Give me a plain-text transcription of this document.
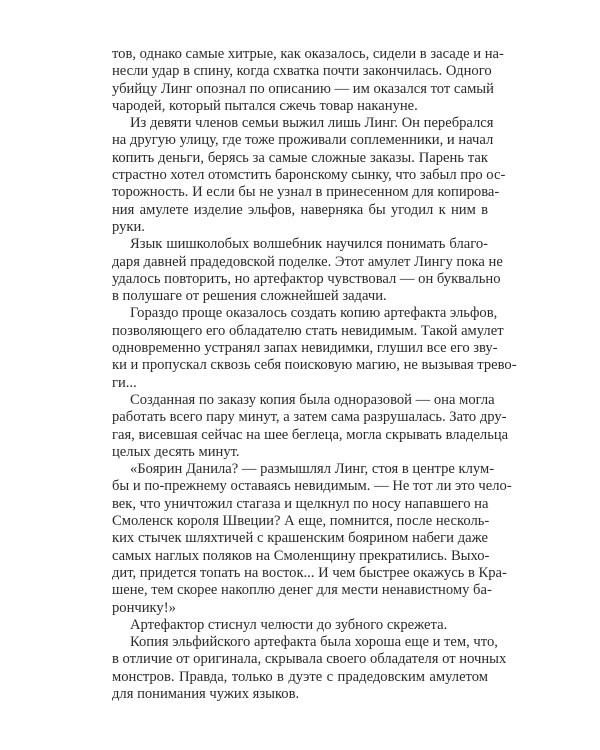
тов, однако самые хитрые, как оказалось, сидели в засаде и на-
несли удар в спину, когда схватка почти закончилась. Одного
убийцу Линг опознал по описанию — им оказался тот самый
чародей, который пытался сжечь товар накануне.
Из девяти членов семьи выжил лишь Линг. Он перебрался
на другую улицу, где тоже проживали соплеменники, и начал
копить деньги, берясь за самые сложные заказы. Парень так
страстно хотел отомстить баронскому сынку, что забыл про ос-
торожность. И если бы не узнал в принесенном для копирова-
ния амулете изделие эльфов, наверняка бы угодил к ним в
руки.
Язык шишколобых волшебник научился понимать благо-
даря давней прадедовской поделке. Этот амулет Лингу пока не
удалось повторить, но артефактор чувствовал — он буквально
в полушаге от решения сложнейшей задачи.
Гораздо проще оказалось создать копию артефакта эльфов,
позволяющего его обладателю стать невидимым. Такой амулет
одновременно устранял запах невидимки, глушил все его зву-
ки и пропускал сквозь себя поисковую магию, не вызывая трево-
ги...
Созданная по заказу копия была одноразовой — она могла
работать всего пару минут, а затем сама разрушалась. Зато дру-
гая, висевшая сейчас на шее беглеца, могла скрывать владельца
целых десять минут.
«Боярин Данила? — размышлял Линг, стоя в центре клум-
бы и по-прежнему оставаясь невидимым. — Не тот ли это чело-
век, что уничтожил стагаза и щелкнул по носу напавшего на
Смоленск короля Швеции? А еще, помнится, после несколь-
ких стычек шляхтичей с крашенским боярином набеги даже
самых наглых поляков на Смоленщину прекратились. Выхо-
дит, придется топать на восток... И чем быстрее окажусь в Кра-
шене, тем скорее накоплю денег для мести ненавистному ба-
рончику!»
Артефактор стиснул челюсти до зубного скрежета.
Копия эльфийского артефакта была хороша еще и тем, что,
в отличие от оригинала, скрывала своего обладателя от ночных
монстров. Правда, только в дуэте с прадедовским амулетом
для понимания чужих языков.
